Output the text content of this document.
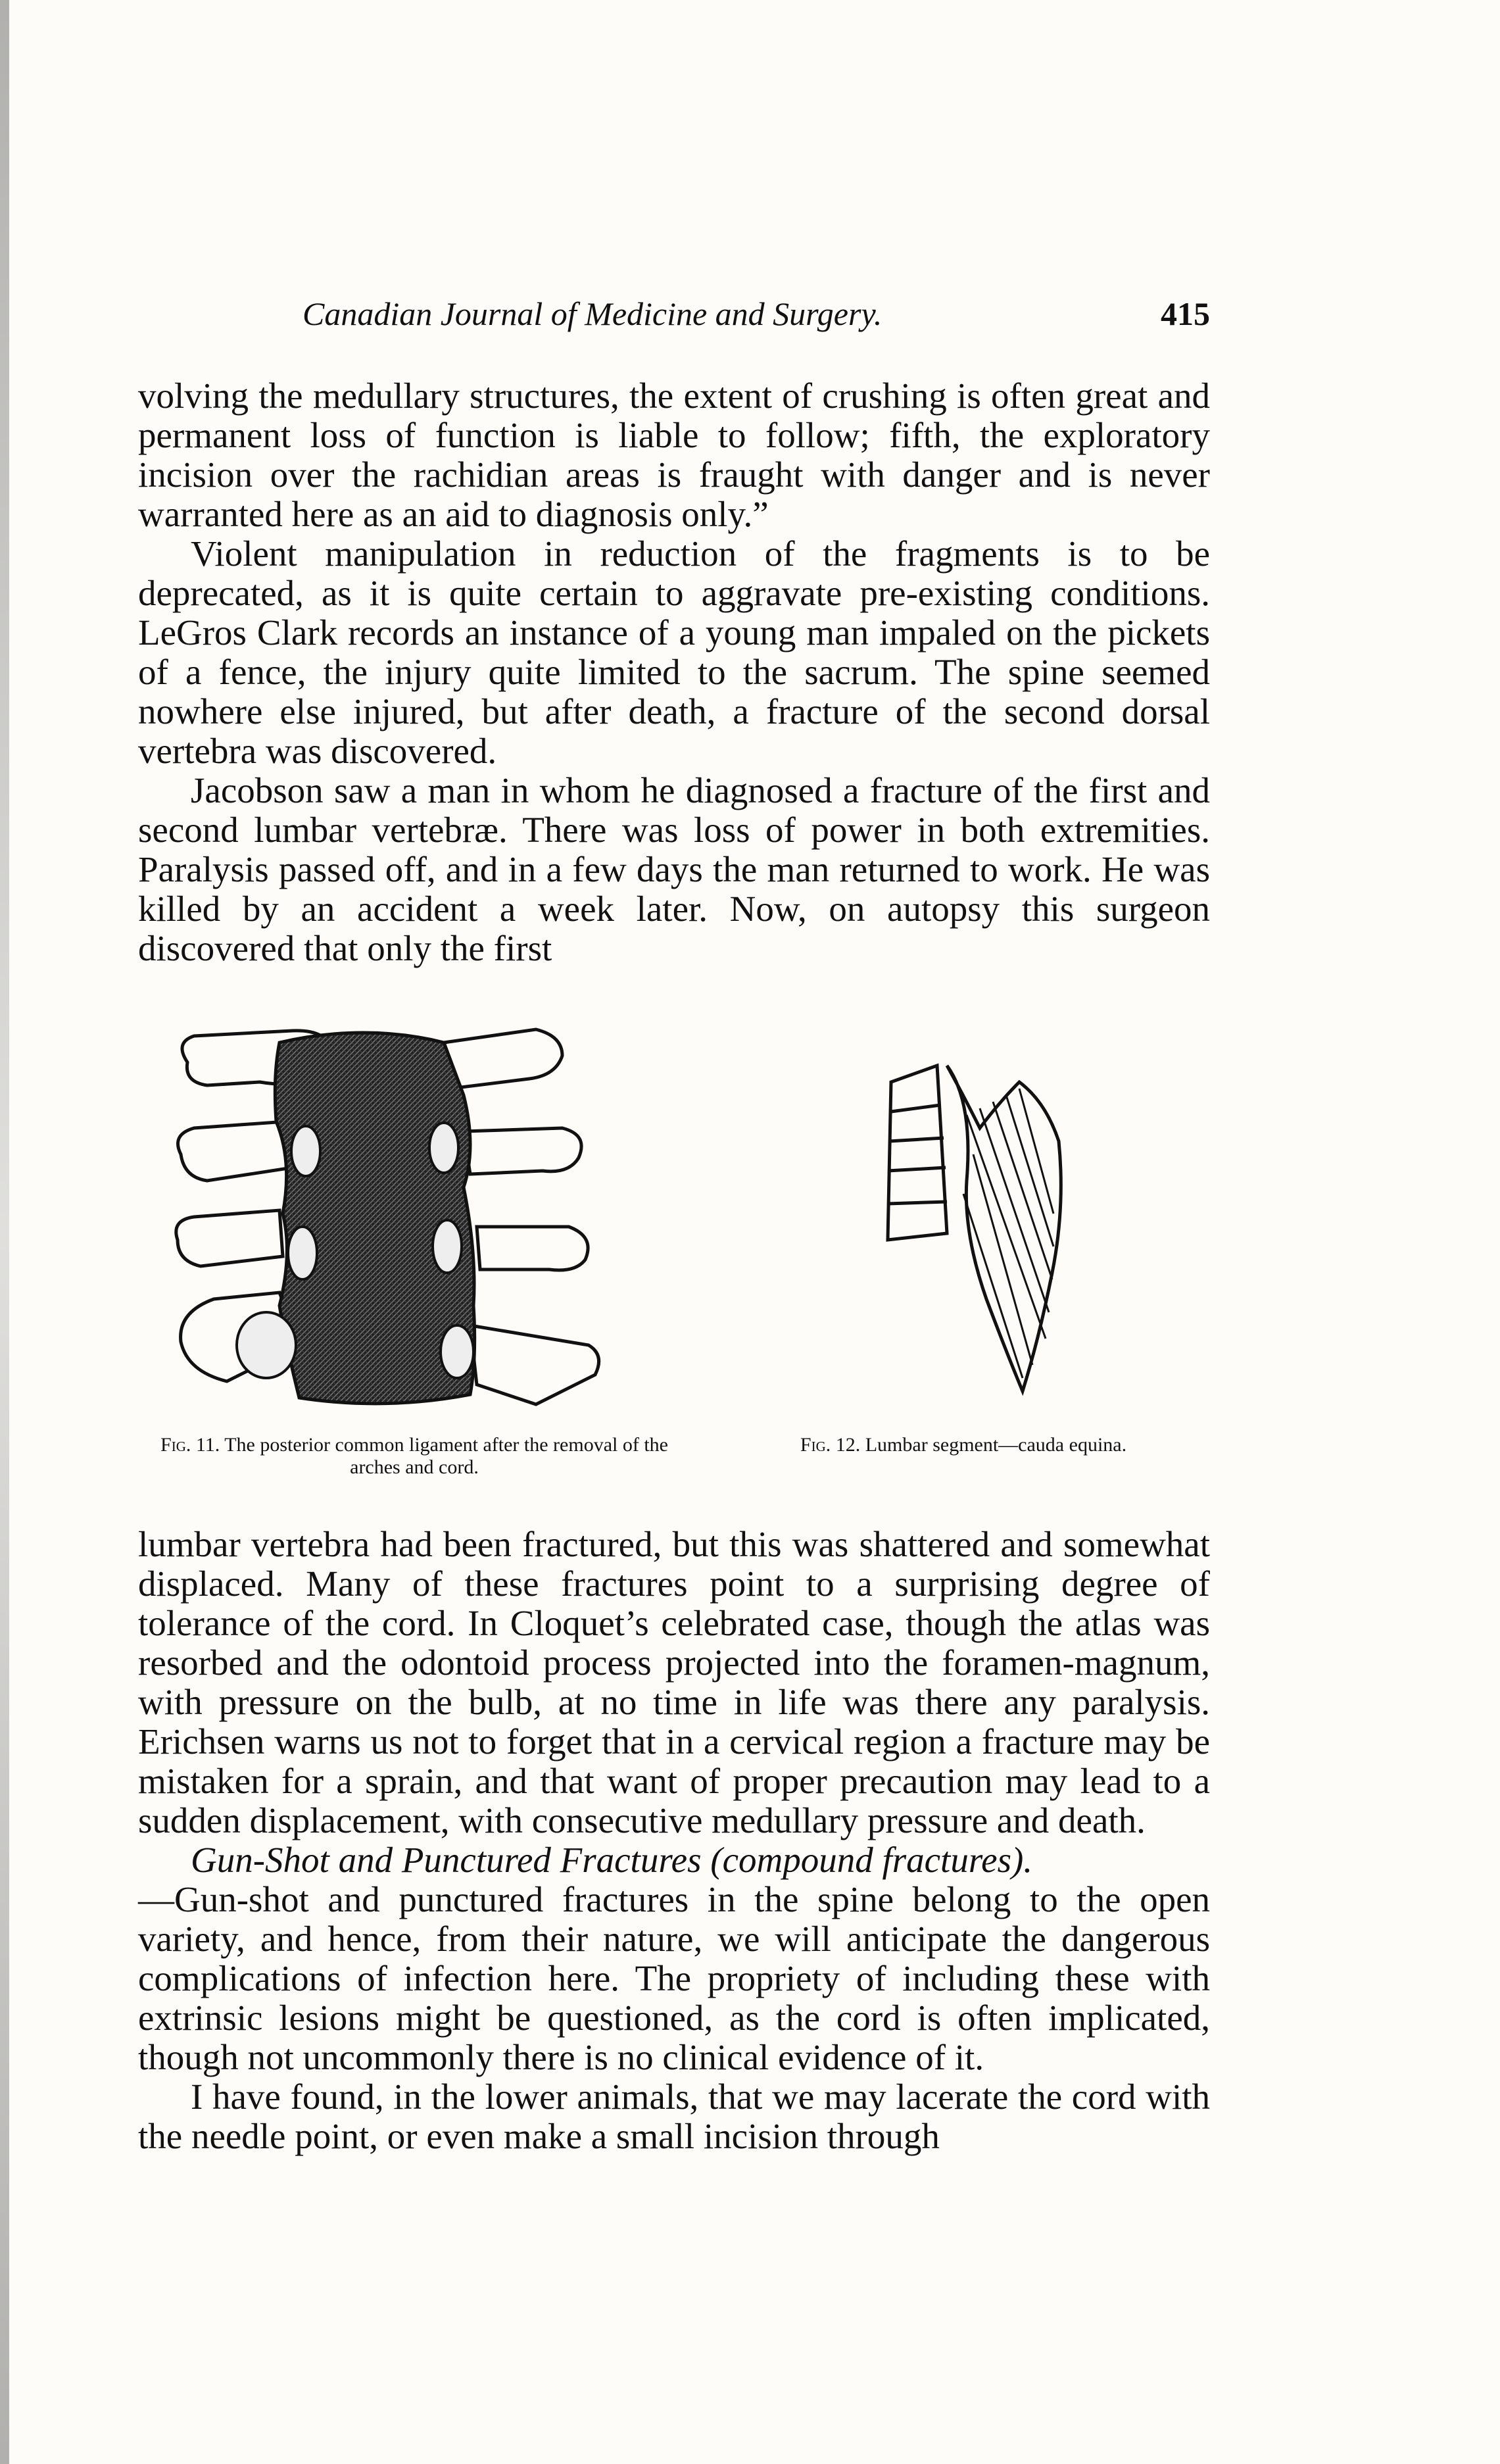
Canadian Journal of Medicine and Surgery.	415

volving the medullary structures, the extent of crushing is often great and permanent loss of function is liable to follow; fifth, the exploratory incision over the rachidian areas is fraught with danger and is never warranted here as an aid to diagnosis only.”

Violent manipulation in reduction of the fragments is to be deprecated, as it is quite certain to aggravate pre-existing conditions. LeGros Clark records an instance of a young man impaled on the pickets of a fence, the injury quite limited to the sacrum. The spine seemed nowhere else injured, but after death, a fracture of the second dorsal vertebra was discovered.

Jacobson saw a man in whom he diagnosed a fracture of the first and second lumbar vertebræ. There was loss of power in both extremities. Paralysis passed off, and in a few days the man returned to work. He was killed by an accident a week later. Now, on autopsy this surgeon discovered that only the first

Fig. 11. The posterior common ligament after the removal of the arches and cord.
Fig. 12. Lumbar segment—cauda equina.

lumbar vertebra had been fractured, but this was shattered and somewhat displaced. Many of these fractures point to a surprising degree of tolerance of the cord. In Cloquet’s celebrated case, though the atlas was resorbed and the odontoid process projected into the foramen-magnum, with pressure on the bulb, at no time in life was there any paralysis. Erichsen warns us not to forget that in a cervical region a fracture may be mistaken for a sprain, and that want of proper precaution may lead to a sudden displacement, with consecutive medullary pressure and death.

Gun-Shot and Punctured Fractures (compound fractures).

—Gun-shot and punctured fractures in the spine belong to the open variety, and hence, from their nature, we will anticipate the dangerous complications of infection here. The propriety of including these with extrinsic lesions might be questioned, as the cord is often implicated, though not uncommonly there is no clinical evidence of it.

I have found, in the lower animals, that we may lacerate the cord with the needle point, or even make a small incision through
